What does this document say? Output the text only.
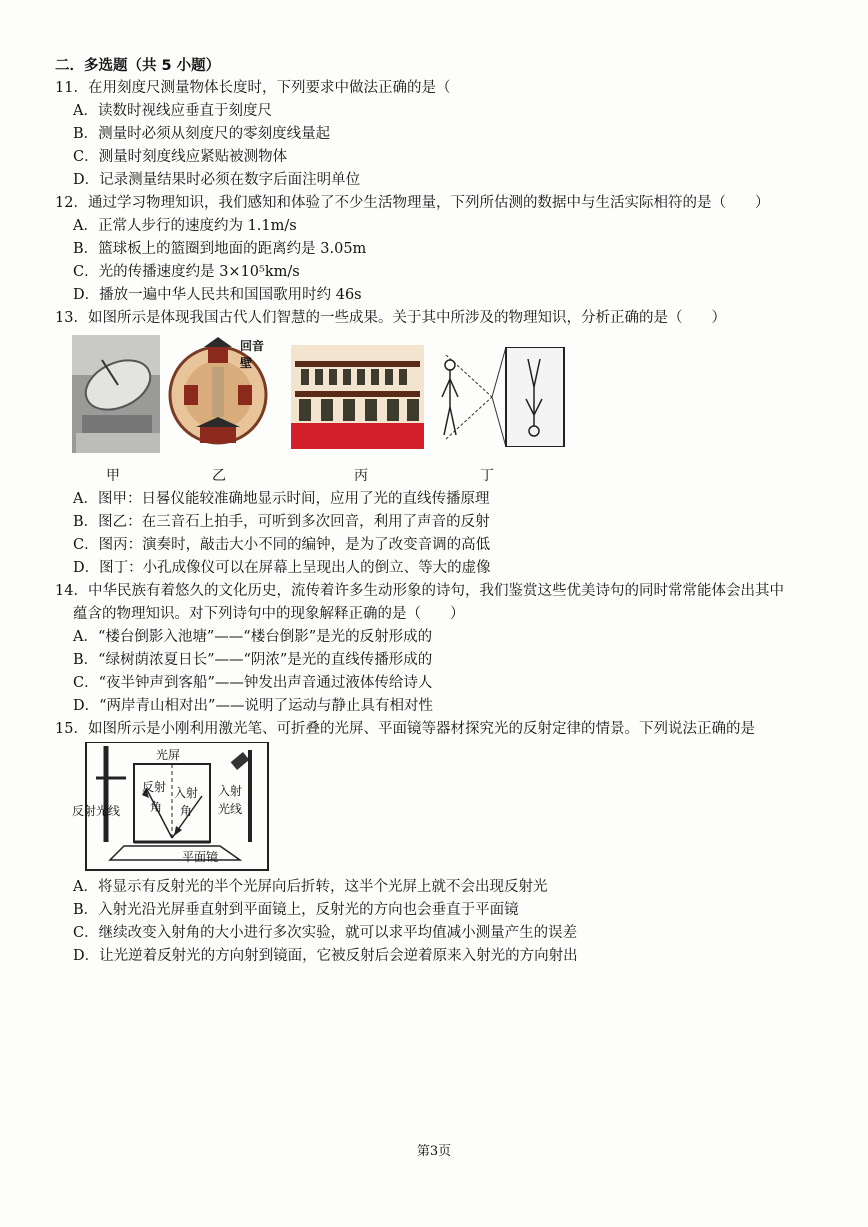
二．多选题（共 5 小题）
11．在用刻度尺测量物体长度时，下列要求中做法正确的是（
A．读数时视线应垂直于刻度尺
B．测量时必须从刻度尺的零刻度线量起
C．测量时刻度线应紧贴被测物体
D．记录测量结果时必须在数字后面注明单位
12．通过学习物理知识，我们感知和体验了不少生活物理量，下列所估测的数据中与生活实际相符的是（　　）
A．正常人步行的速度约为 1.1m/s
B．篮球板上的篮圈到地面的距离约是 3.05m
C．光的传播速度约是 3×10⁵km/s
D．播放一遍中华人民共和国国歌用时约 46s
13．如图所示是体现我国古代人们智慧的一些成果。关于其中所涉及的物理知识，分析正确的是（　　）
回音壁
甲	乙	丙	丁
A．图甲：日晷仪能较准确地显示时间，应用了光的直线传播原理
B．图乙：在三音石上拍手，可听到多次回音，利用了声音的反射
C．图丙：演奏时，敲击大小不同的编钟，是为了改变音调的高低
D．图丁：小孔成像仪可以在屏幕上呈现出人的倒立、等大的虚像
14．中华民族有着悠久的文化历史，流传着许多生动形象的诗句，我们鉴赏这些优美诗句的同时常常能体会出其中
蕴含的物理知识。对下列诗句中的现象解释正确的是（　　）
A．“楼台倒影入池塘”——“楼台倒影”是光的反射形成的
B．“绿树荫浓夏日长”——“阴浓”是光的直线传播形成的
C．“夜半钟声到客船”——钟发出声音通过液体传给诗人
D．“两岸青山相对出”——说明了运动与静止具有相对性
15．如图所示是小刚利用激光笔、可折叠的光屏、平面镜等器材探究光的反射定律的情景。下列说法正确的是
光屏
反射
角
入射
角
反射光线
入射
光线
平面镜
A．将显示有反射光的半个光屏向后折转，这半个光屏上就不会出现反射光
B．入射光沿光屏垂直射到平面镜上，反射光的方向也会垂直于平面镜
C．继续改变入射角的大小进行多次实验，就可以求平均值减小测量产生的误差
D．让光逆着反射光的方向射到镜面，它被反射后会逆着原来入射光的方向射出
第3页
